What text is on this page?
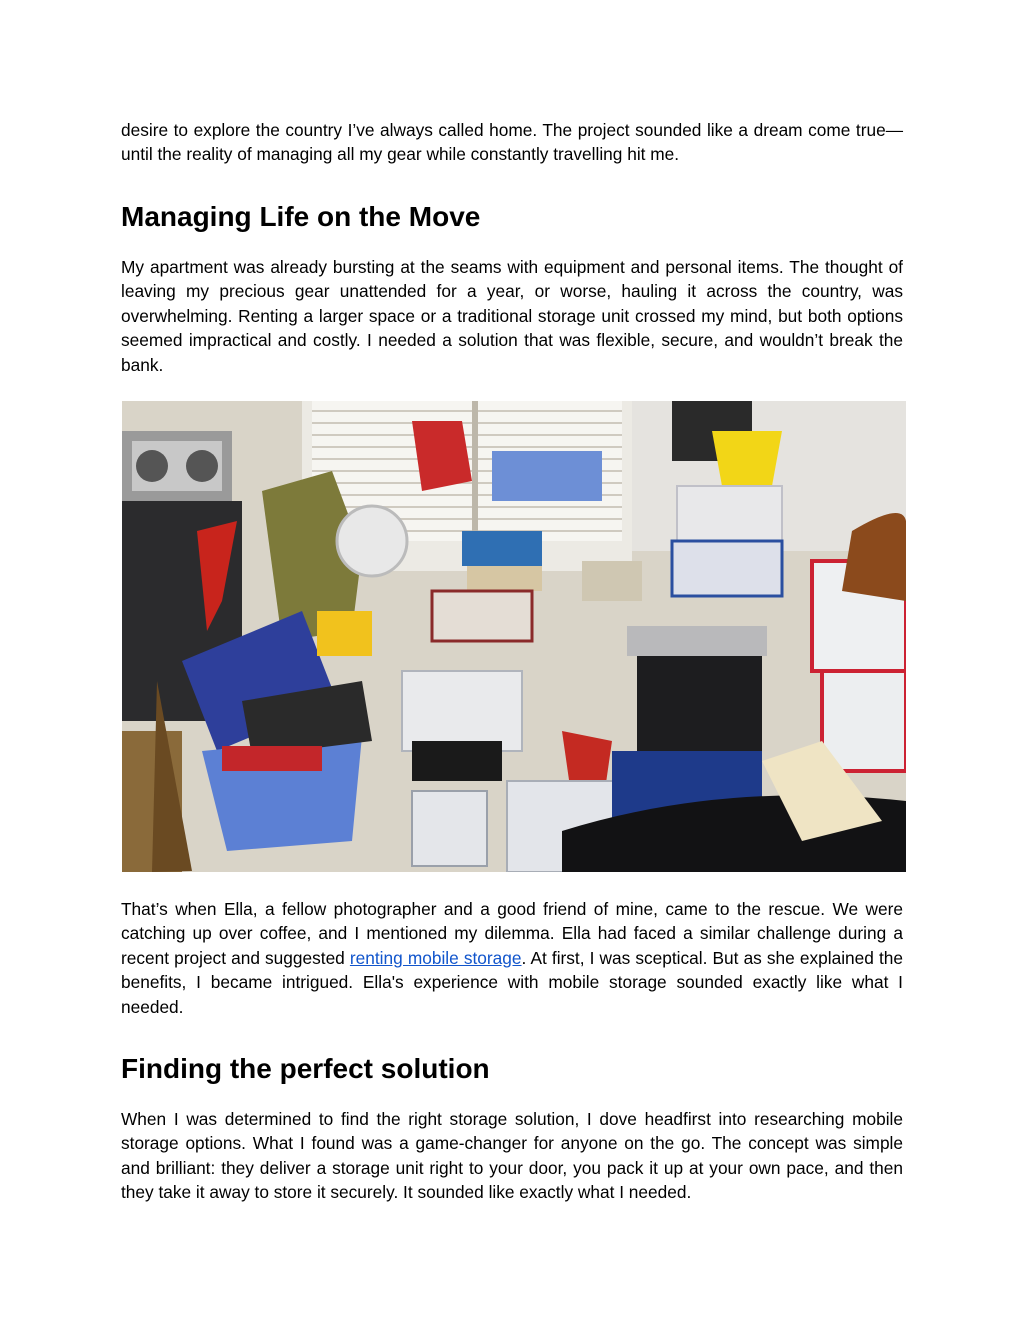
desire to explore the country I’ve always called home. The project sounded like a dream come true—until the reality of managing all my gear while constantly travelling hit me.

Managing Life on the Move

My apartment was already bursting at the seams with equipment and personal items. The thought of leaving my precious gear unattended for a year, or worse, hauling it across the country, was overwhelming. Renting a larger space or a traditional storage unit crossed my mind, but both options seemed impractical and costly. I needed a solution that was flexible, secure, and wouldn’t break the bank.

That’s when Ella, a fellow photographer and a good friend of mine, came to the rescue. We were catching up over coffee, and I mentioned my dilemma. Ella had faced a similar challenge during a recent project and suggested renting mobile storage. At first, I was sceptical. But as she explained the benefits, I became intrigued. Ella's experience with mobile storage sounded exactly like what I needed.

Finding the perfect solution

When I was determined to find the right storage solution, I dove headfirst into researching mobile storage options. What I found was a game-changer for anyone on the go. The concept was simple and brilliant: they deliver a storage unit right to your door, you pack it up at your own pace, and then they take it away to store it securely. It sounded like exactly what I needed.
